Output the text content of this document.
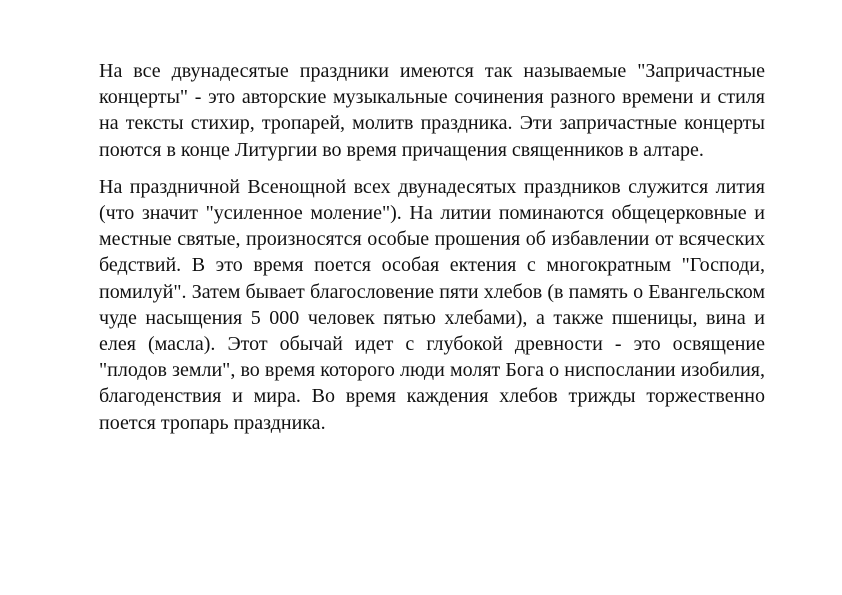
На все двунадесятые праздники имеются так называемые "Запричастные концерты" - это авторские музыкальные сочинения разного времени и стиля на тексты стихир, тропарей, молитв праздника. Эти запричастные концерты поются в конце Литургии во время причащения священников в алтаре.

На праздничной Всенощной всех двунадесятых праздников служится лития (что значит "усиленное моление"). На литии поминаются общецерковные и местные святые, произносятся особые прошения об избавлении от всяческих бедствий. В это время поется особая ектения с многократным "Господи, помилуй". Затем бывает благословение пяти хлебов (в память о Евангельском чуде насыщения 5 000 человек пятью хлебами), а также пшеницы, вина и елея (масла). Этот обычай идет с глубокой древности - это освящение "плодов земли", во время которого люди молят Бога о ниспослании изобилия, благоденствия и мира. Во время каждения хлебов трижды торжественно поется тропарь праздника.
